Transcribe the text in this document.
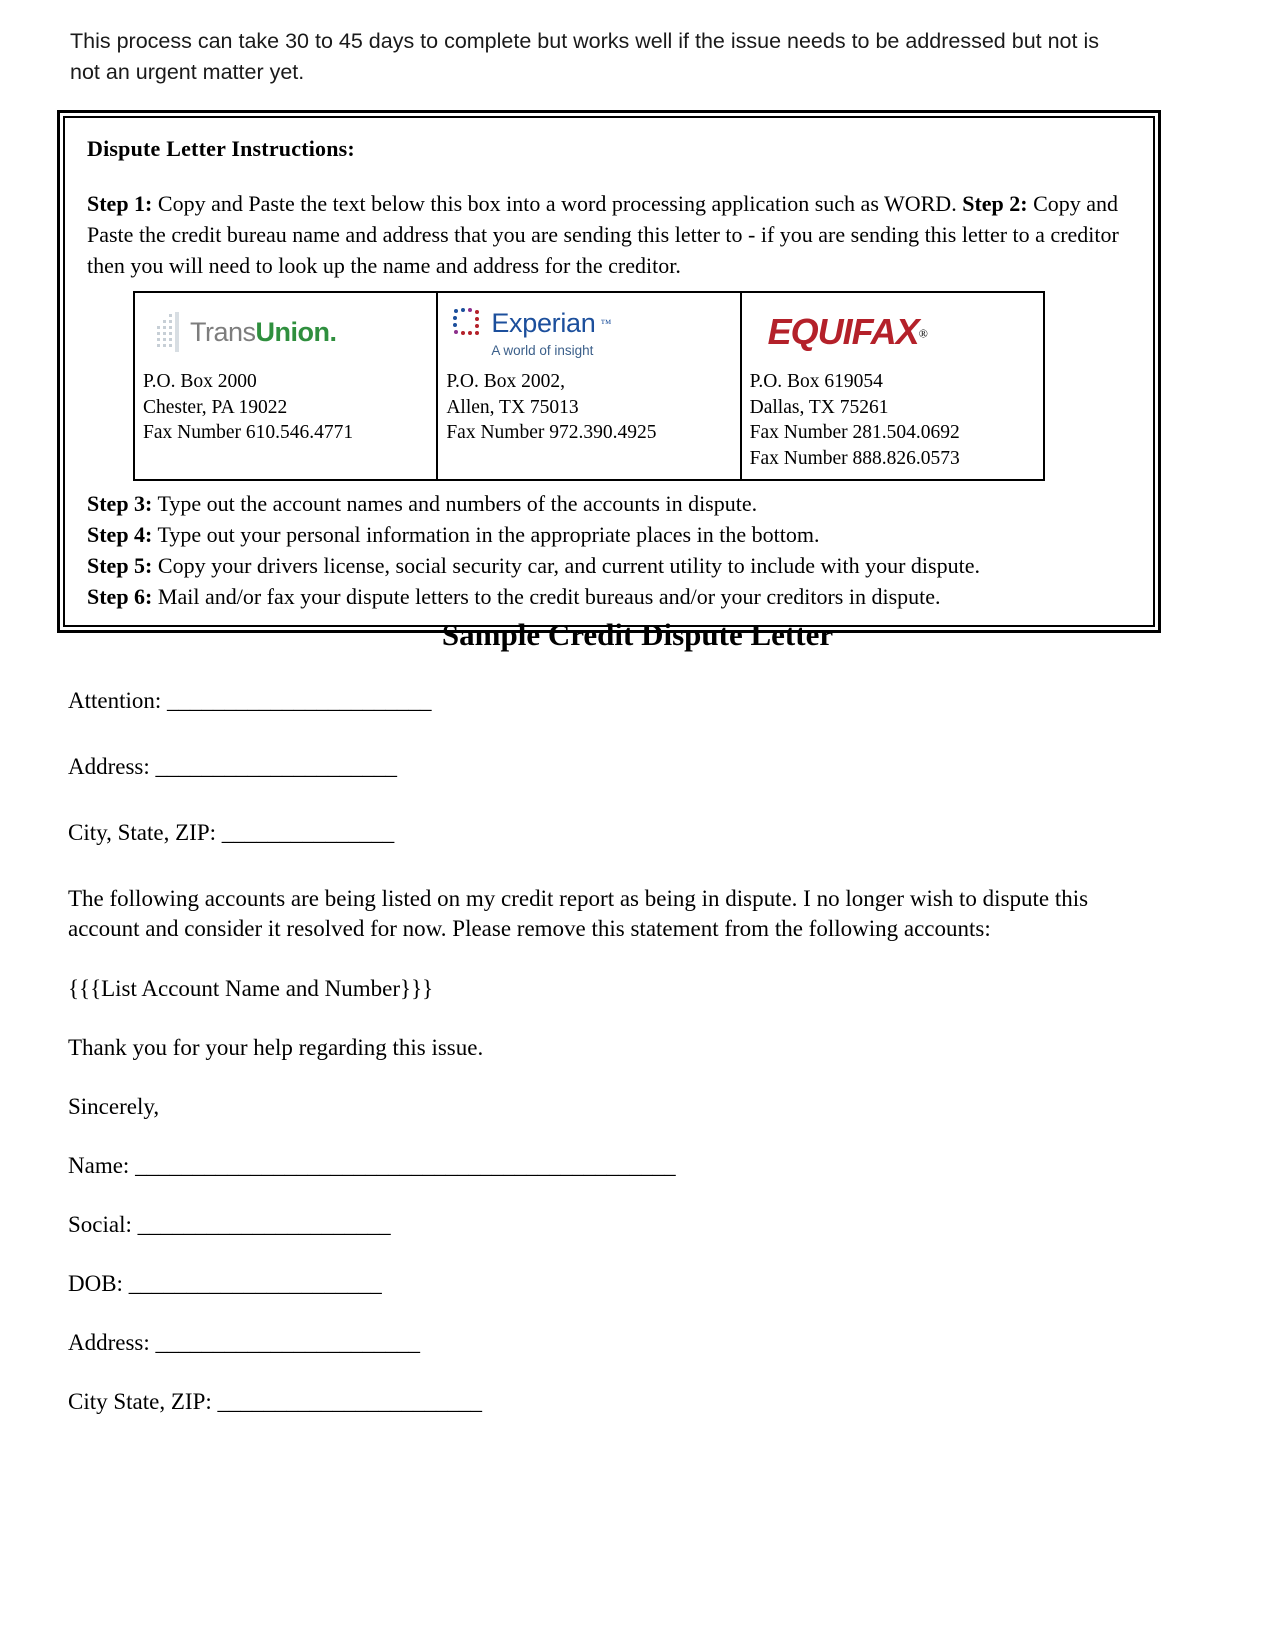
This process can take 30 to 45 days to complete but works well if the issue needs to be addressed but not is not an urgent matter yet.
Dispute Letter Instructions:

Step 1: Copy and Paste the text below this box into a word processing application such as WORD. Step 2: Copy and Paste the credit bureau name and address that you are sending this letter to - if you are sending this letter to a creditor then you will need to look up the name and address for the creditor.

TransUnion.
P.O. Box 2000
Chester, PA 19022
Fax Number 610.546.4771

Experian ™
A world of insight
P.O. Box 2002,
Allen, TX 75013
Fax Number 972.390.4925

EQUIFAX®
P.O. Box 619054
Dallas, TX 75261
Fax Number 281.504.0692
Fax Number 888.826.0573

Step 3: Type out the account names and numbers of the accounts in dispute.

Step 4: Type out your personal information in the appropriate places in the bottom.

Step 5: Copy your drivers license, social security car, and current utility to include with your dispute.

Step 6: Mail and/or fax your dispute letters to the credit bureaus and/or your creditors in dispute.

Sample Credit Dispute Letter
Attention: _______________________
Address: _____________________
City, State, ZIP: _______________
The following accounts are being listed on my credit report as being in dispute. I no longer wish to dispute this account and consider it resolved for now. Please remove this statement from the following accounts:
{{{List Account Name and Number}}}
Thank you for your help regarding this issue.
Sincerely,
Name: _______________________________________________
Social: ______________________
DOB: ______________________
Address: _______________________
City State, ZIP: _______________________
